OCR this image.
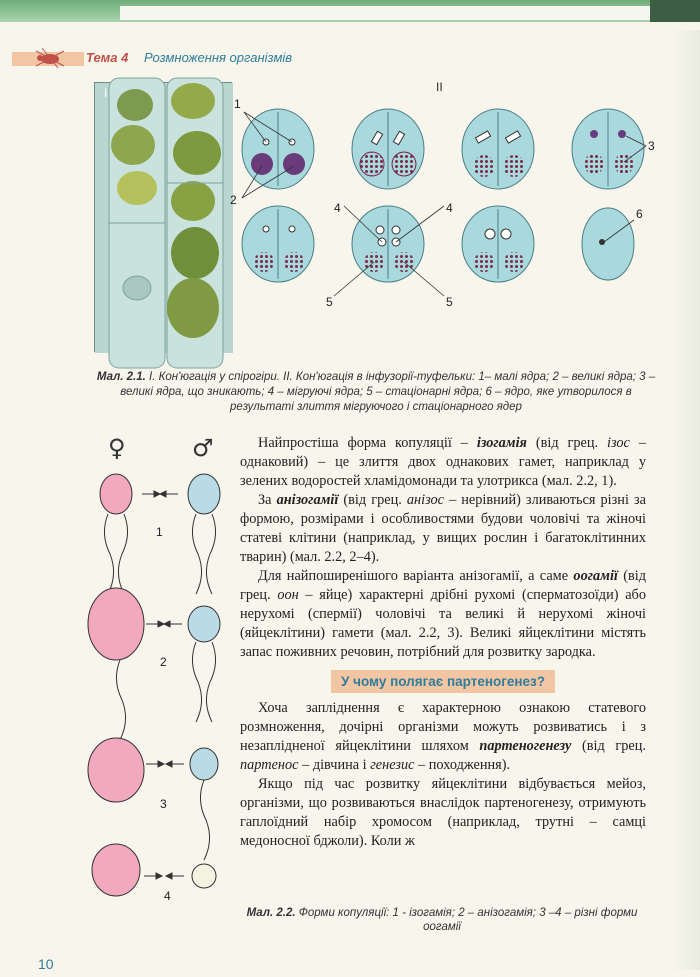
Тема 4 Розмноження організмів
I	II
1
2
3
4	4
5	5
6
Мал. 2.1. I. Кон'югація у спірогіри. II. Кон'югація в інфузорії-туфельки: 1– малі ядра; 2 – великі ядра; 3 – великі ядра, що зникають; 4 – мігруючі ядра; 5 – стаціонарні ядра; 6 – ядро, яке утворилося в результаті злиття мігруючого і стаціонарного ядер
♀	♂
1
2
3
4

Найпростіша форма копуляції – ізогамія (від грец. ізос – однаковий) – це злиття двох однакових гамет, наприклад у зелених водоростей хламідомонади та улотрикса (мал. 2.2, 1).

За анізогамії (від грец. анізос – нерівний) зливаються різні за формою, розмірами і особливостями будови чоловічі та жіночі статеві клітини (наприклад, у вищих рослин і багатоклітинних тварин) (мал. 2.2, 2–4).

Для найпоширенішого варіанта анізогамії, а саме оогамії (від грец. оон – яйце) характерні дрібні рухомі (сперматозоїди) або нерухомі (спермії) чоловічі та великі й нерухомі жіночі (яйцеклітини) гамети (мал. 2.2, 3). Великі яйцеклітини містять запас поживних речовин, потрібний для розвитку зародка.

У чому полягає партеногенез?

Хоча запліднення є характерною ознакою статевого розмноження, дочірні організми можуть розвиватись і з незаплідненої яйцеклітини шляхом партеногенезу (від грец. партенос – дівчина і генезис – походження).

Якщо під час розвитку яйцеклітини відбувається мейоз, організми, що розвиваються внаслідок партеногенезу, отримують гаплоїдний набір хромосом (наприклад, трутні – самці медоносної бджоли). Коли ж

Мал. 2.2. Форми копуляції: 1 - ізогамія; 2 – анізогамія; 3 –4 – різні форми оогамії
10
